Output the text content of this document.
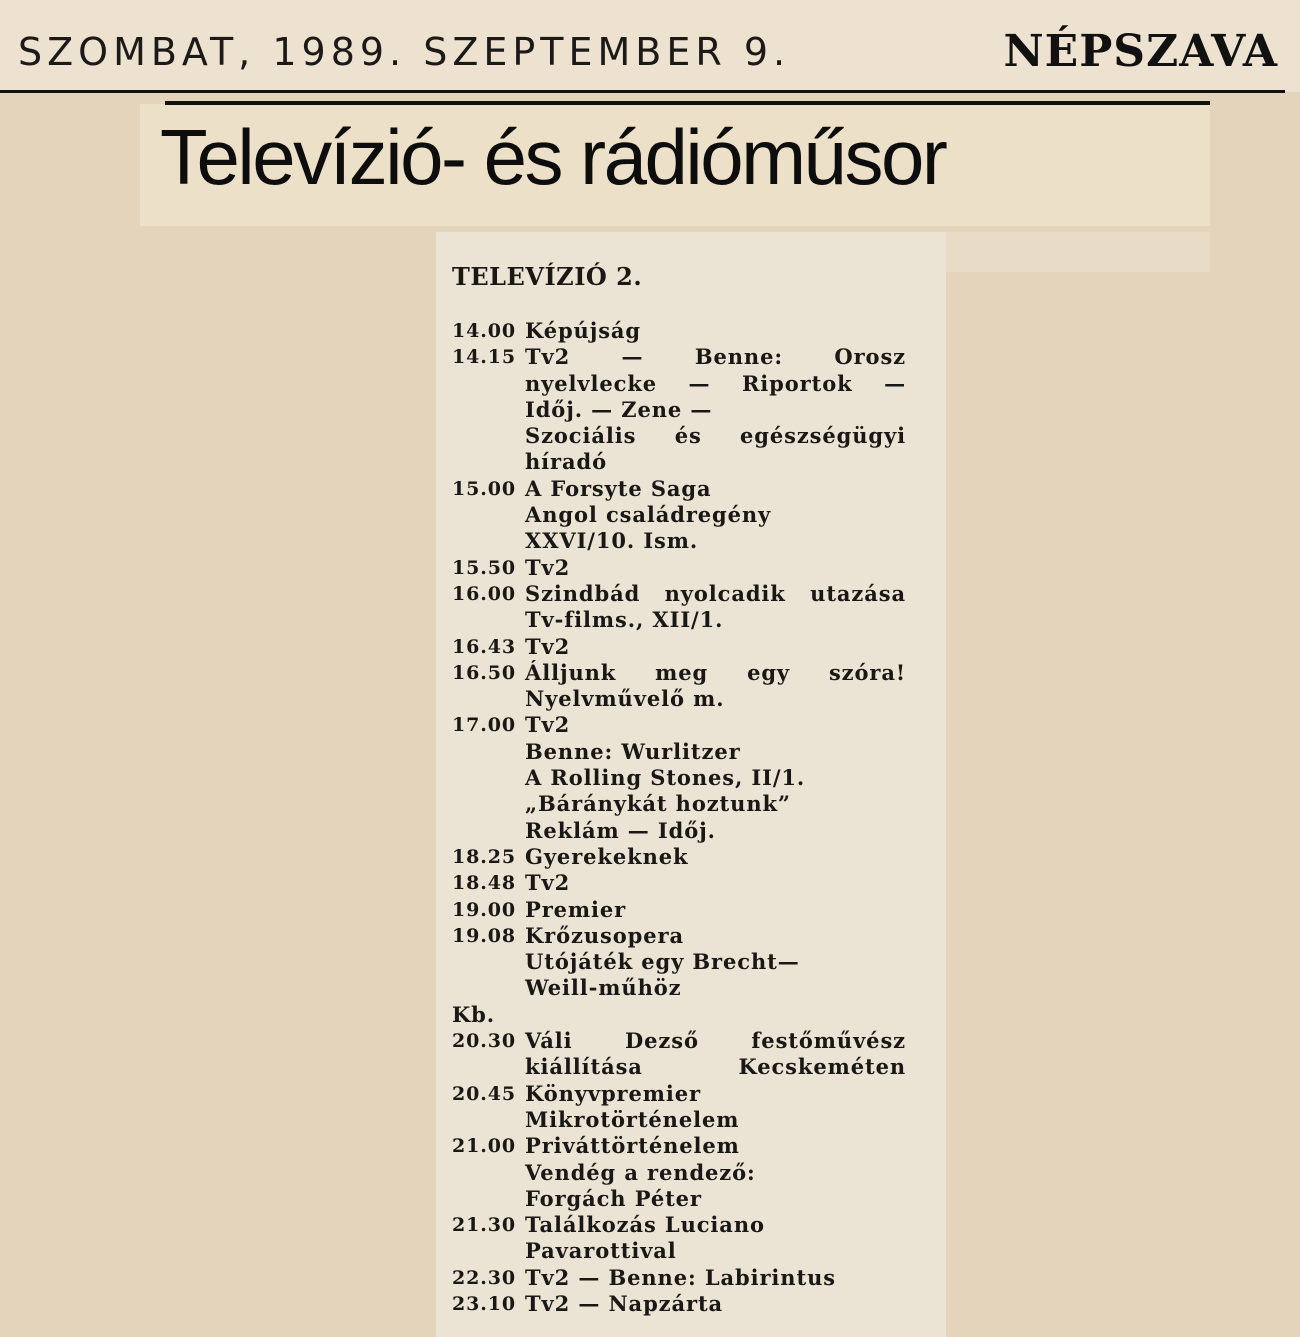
SZOMBAT, 1989. SZEPTEMBER 9.	NÉPSZAVA
Televízió- és rádióműsor
TELEVÍZIÓ 2.
14.00 Képújság
14.15 Tv2 — Benne: Orosz
nyelvlecke — Riportok —
Időj. — Zene —
Szociális és egészségügyi
híradó
15.00 A Forsyte Saga
Angol családregény
XXVI/10. Ism.
15.50 Tv2
16.00 Szindbád nyolcadik utazása
Tv-films., XII/1.
16.43 Tv2
16.50 Álljunk meg egy szóra!
Nyelvművelő m.
17.00 Tv2
Benne: Wurlitzer
A Rolling Stones, II/1.
„Báránykát hoztunk”
Reklám — Időj.
18.25 Gyerekeknek
18.48 Tv2
19.00 Premier
19.08 Krőzusopera
Utójáték egy Brecht—
Weill-műhöz
Kb.
20.30 Váli Dezső festőművész
kiállítása Kecskeméten
20.45 Könyvpremier
Mikrotörténelem
21.00 Priváttörténelem
Vendég a rendező:
Forgách Péter
21.30 Találkozás Luciano
Pavarottival
22.30 Tv2 — Benne: Labirintus
23.10 Tv2 — Napzárta
